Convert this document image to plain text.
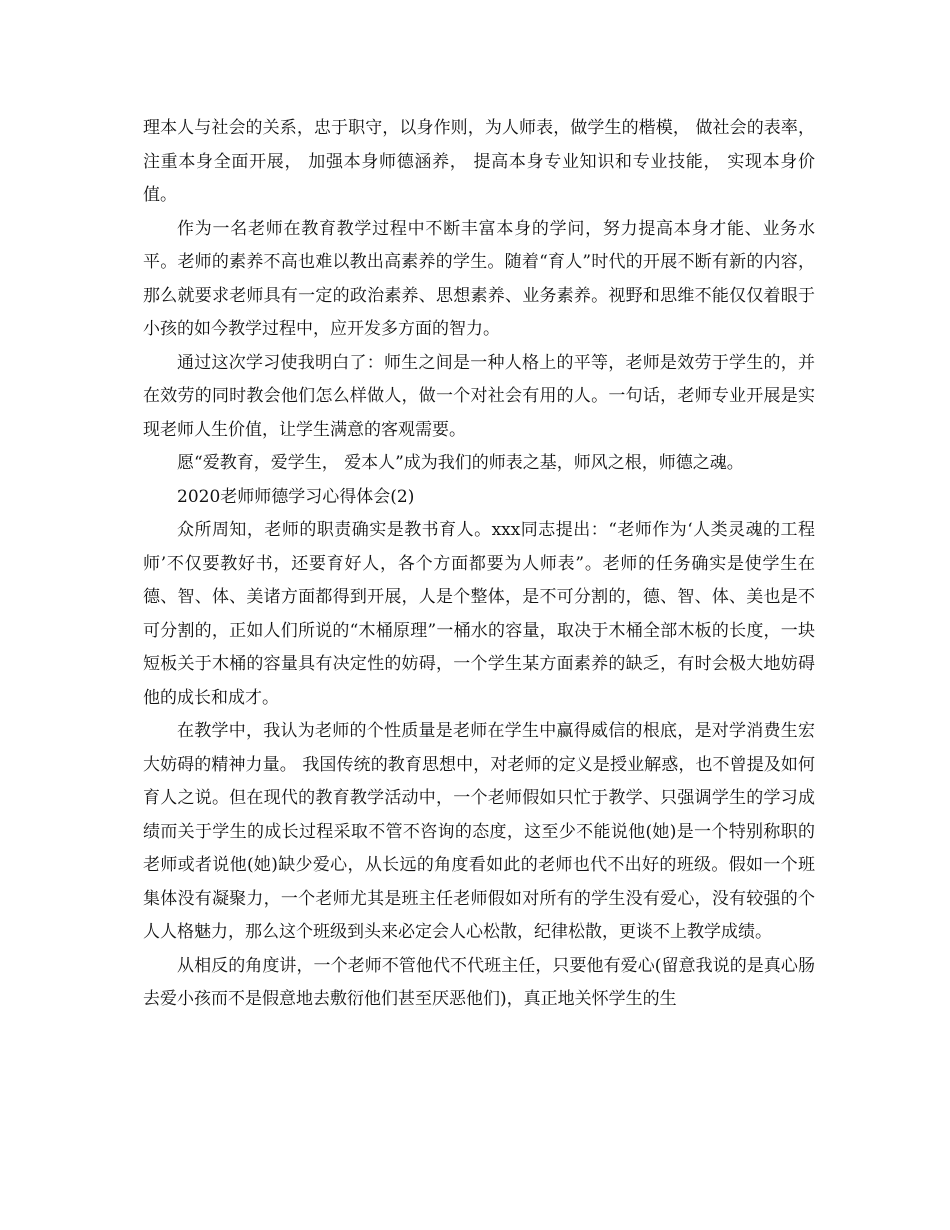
理本人与社会的关系，忠于职守，以身作则，为人师表，做学生的楷模， 做社会的表率，注重本身全面开展， 加强本身师德涵养， 提高本身专业知识和专业技能， 实现本身价值。

作为一名老师在教育教学过程中不断丰富本身的学问，努力提高本身才能、业务水平。老师的素养不高也难以教出高素养的学生。随着“育人”时代的开展不断有新的内容，那么就要求老师具有一定的政治素养、思想素养、业务素养。视野和思维不能仅仅着眼于小孩的如今教学过程中，应开发多方面的智力。

通过这次学习使我明白了：师生之间是一种人格上的平等，老师是效劳于学生的，并在效劳的同时教会他们怎么样做人，做一个对社会有用的人。一句话，老师专业开展是实现老师人生价值，让学生满意的客观需要。

愿“爱教育，爱学生， 爱本人”成为我们的师表之基，师风之根，师德之魂。

2020老师师德学习心得体会(2)

众所周知，老师的职责确实是教书育人。xxx同志提出：“老师作为‘人类灵魂的工程师’不仅要教好书，还要育好人，各个方面都要为人师表”。老师的任务确实是使学生在德、智、体、美诸方面都得到开展，人是个整体，是不可分割的，德、智、体、美也是不可分割的，正如人们所说的“木桶原理”一桶水的容量，取决于木桶全部木板的长度，一块短板关于木桶的容量具有决定性的妨碍，一个学生某方面素养的缺乏，有时会极大地妨碍他的成长和成才。

在教学中，我认为老师的个性质量是老师在学生中赢得威信的根底，是对学消费生宏大妨碍的精神力量。 我国传统的教育思想中，对老师的定义是授业解惑，也不曾提及如何育人之说。但在现代的教育教学活动中，一个老师假如只忙于教学、只强调学生的学习成绩而关于学生的成长过程采取不管不咨询的态度，这至少不能说他(她)是一个特别称职的老师或者说他(她)缺少爱心，从长远的角度看如此的老师也代不出好的班级。假如一个班集体没有凝聚力，一个老师尤其是班主任老师假如对所有的学生没有爱心，没有较强的个人人格魅力，那么这个班级到头来必定会人心松散，纪律松散，更谈不上教学成绩。

从相反的角度讲，一个老师不管他代不代班主任，只要他有爱心(留意我说的是真心肠去爱小孩而不是假意地去敷衍他们甚至厌恶他们)，真正地关怀学生的生
